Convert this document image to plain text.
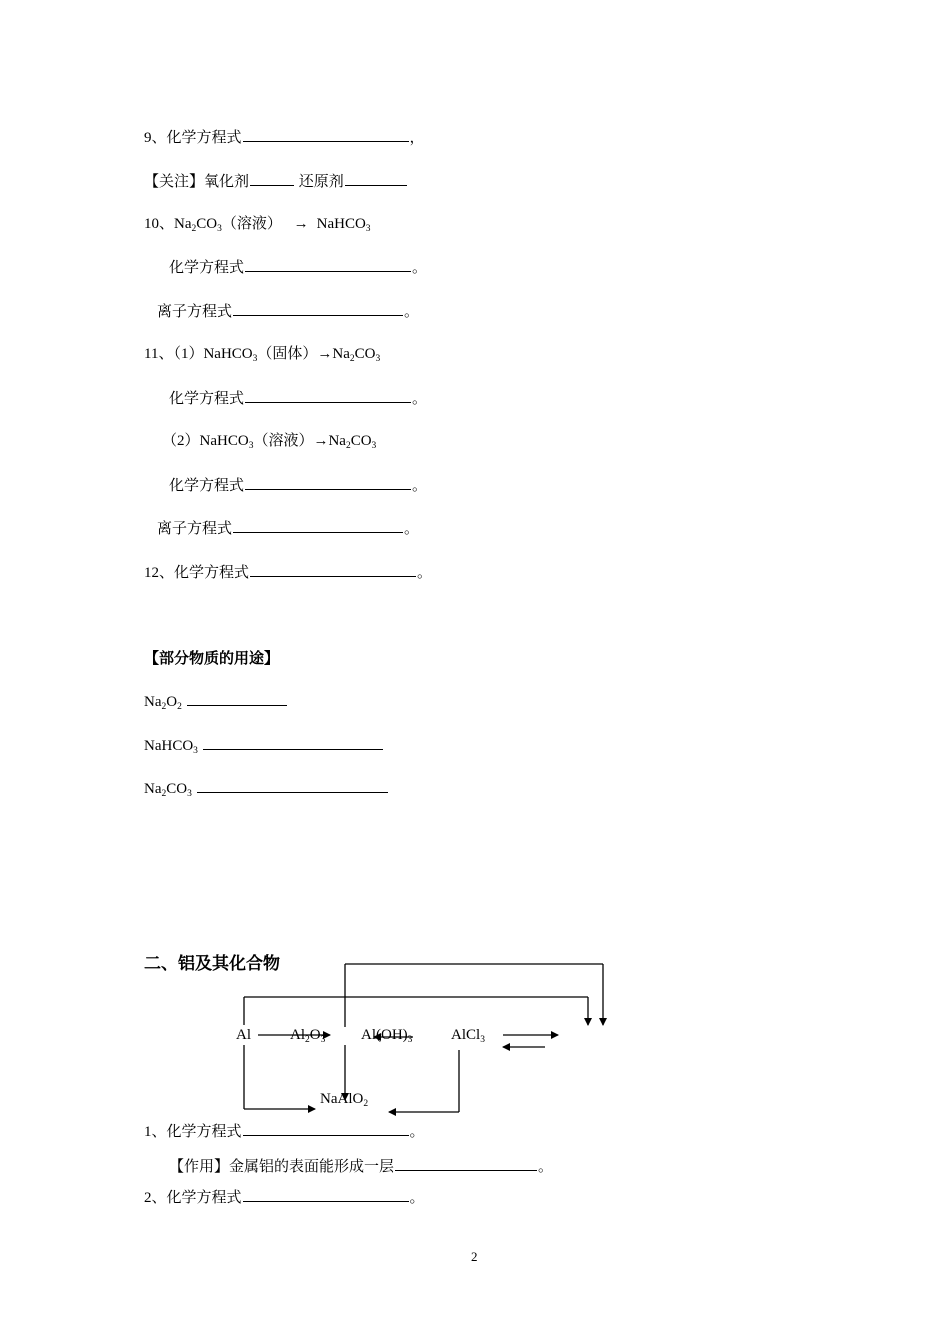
9、化学方程式	，
【关注】氧化剂	还原剂
10、$Na_2CO_3$（溶液） → NaHCO$_3$
化学方程式	。
离子方程式	。
11、（1）NaHCO$_3$（固体）$\to Na_2CO_3$
化学方程式	。
（2）NaHCO$_3$（溶液）$\to Na_2CO_3$
化学方程式	。
离子方程式	。
12、化学方程式	。
【部分物质的用途】
$Na_2O_2$
NaHCO$_3$
$Na_2CO_3$
二、铝及其化合物
Al	$Al_2O_3$ $Al(OH)_3$	AlCl$_3$
NaAlO$_2$
1、化学方程式	。
【作用】金属铝的表面能形成一层	。
2、化学方程式	。
2
